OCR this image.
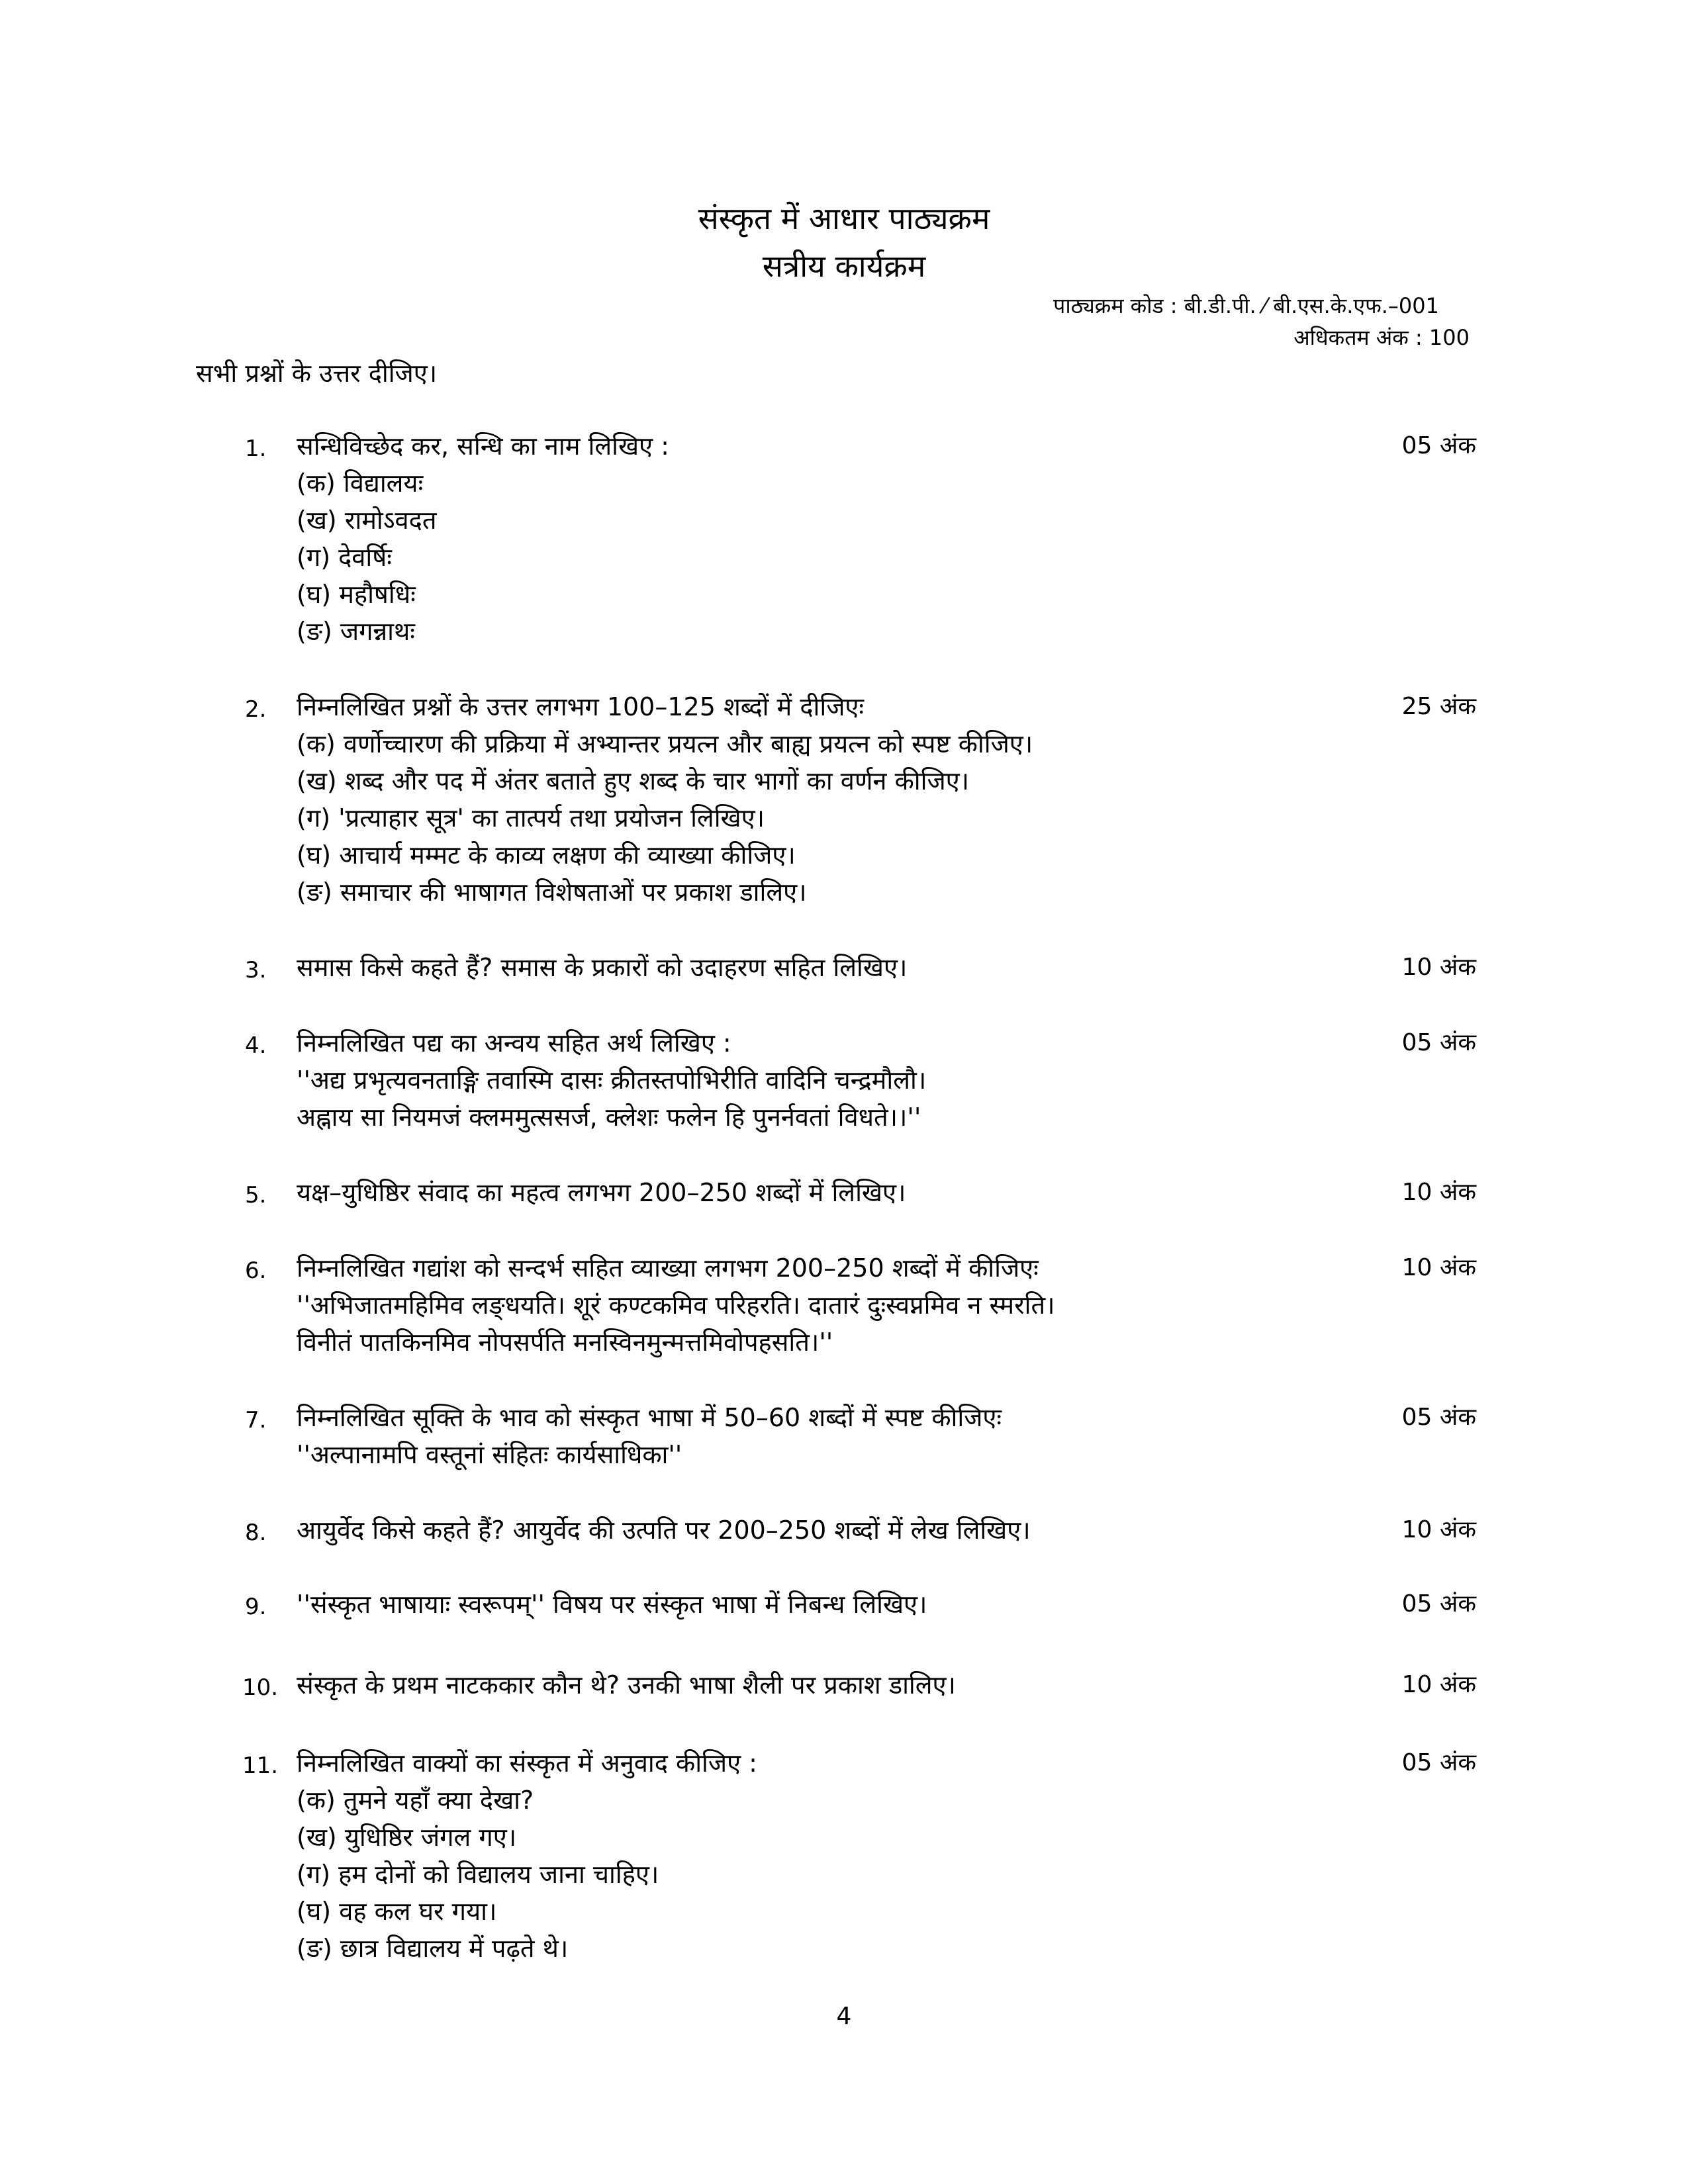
संस्कृत में आधार पाठ्यक्रम
सत्रीय कार्यक्रम
पाठ्यक्रम कोड : बी.डी.पी. ⁄ बी.एस.के.एफ.–001
अधिकतम अंक : 100
सभी प्रश्नों के उत्तर दीजिए।
1.	सन्धिविच्छेद कर, सन्धि का नाम लिखिए :	05 अंक
(क) विद्यालयः
(ख) रामोऽवदत
(ग) देवर्षिः
(घ) महौषधिः
(ङ) जगन्नाथः
2.	निम्नलिखित प्रश्नों के उत्तर लगभग 100–125 शब्दों में दीजिएः	25 अंक
(क) वर्णोच्चारण की प्रक्रिया में अभ्यान्तर प्रयत्न और बाह्य प्रयत्न को स्पष्ट कीजिए।
(ख) शब्द और पद में अंतर बताते हुए शब्द के चार भागों का वर्णन कीजिए।
(ग) 'प्रत्याहार सूत्र' का तात्पर्य तथा प्रयोजन लिखिए।
(घ) आचार्य मम्मट के काव्य लक्षण की व्याख्या कीजिए।
(ङ) समाचार की भाषागत विशेषताओं पर प्रकाश डालिए।
3.	समास किसे कहते हैं? समास के प्रकारों को उदाहरण सहित लिखिए।	10 अंक
4.	निम्नलिखित पद्य का अन्वय सहित अर्थ लिखिए :	05 अंक
''अद्य प्रभृत्यवनताङ्गि तवास्मि दासः क्रीतस्तपोभिरीति वादिनि चन्द्रमौलौ।
अह्नाय सा नियमजं क्लममुत्ससर्ज, क्लेशः फलेन हि पुनर्नवतां विधते।।''
5.	यक्ष–युधिष्ठिर संवाद का महत्व लगभग 200–250 शब्दों में लिखिए।	10 अंक
6.	निम्नलिखित गद्यांश को सन्दर्भ सहित व्याख्या लगभग 200–250 शब्दों में कीजिएः	10 अंक
''अभिजातमहिमिव लङ्धयति। शूरं कण्टकमिव परिहरति। दातारं दुःस्वप्नमिव न स्मरति।
विनीतं पातकिनमिव नोपसर्पति मनस्विनमुन्मत्तमिवोपहसति।''
7.	निम्नलिखित सूक्ति के भाव को संस्कृत भाषा में 50–60 शब्दों में स्पष्ट कीजिएः	05 अंक
''अल्पानामपि वस्तूनां संहितः कार्यसाधिका''
8.	आयुर्वेद किसे कहते हैं? आयुर्वेद की उत्पति पर 200–250 शब्दों में लेख लिखिए।	10 अंक
9.	''संस्कृत भाषायाः स्वरूपम्'' विषय पर संस्कृत भाषा में निबन्ध लिखिए।	05 अंक
10. संस्कृत के प्रथम नाटककार कौन थे? उनकी भाषा शैली पर प्रकाश डालिए।	10 अंक
11. निम्नलिखित वाक्यों का संस्कृत में अनुवाद कीजिए :	05 अंक
(क) तुमने यहाँ क्या देखा?
(ख) युधिष्ठिर जंगल गए।
(ग) हम दोनों को विद्यालय जाना चाहिए।
(घ) वह कल घर गया।
(ङ) छात्र विद्यालय में पढ़ते थे।
4
